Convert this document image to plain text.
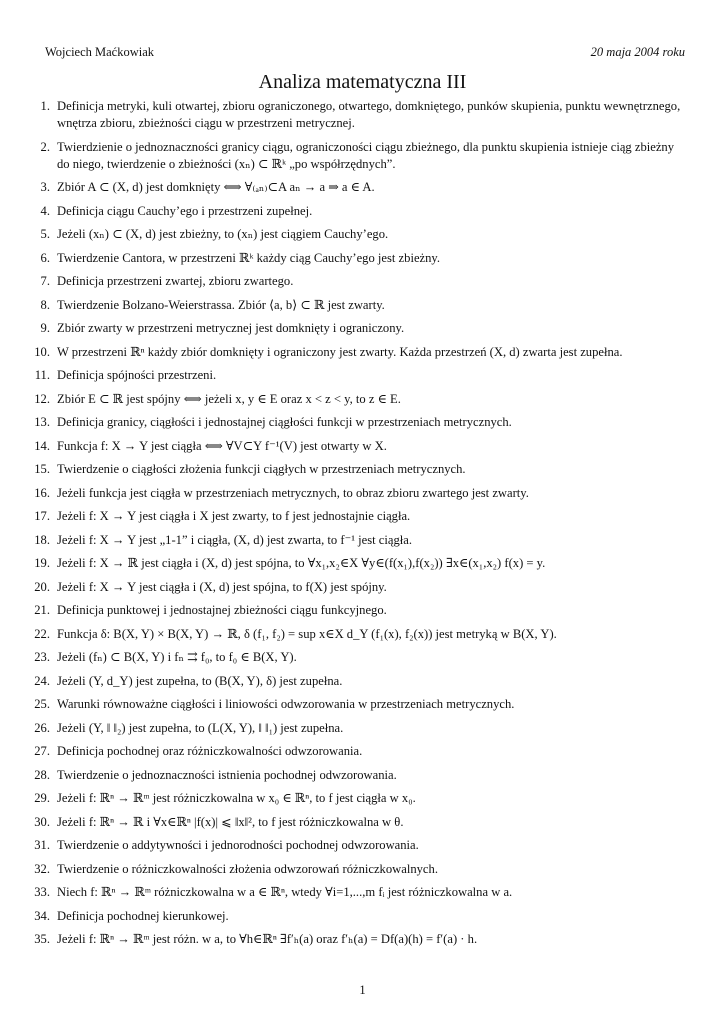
Wojciech Maćkowiak	20 maja 2004 roku
Analiza matematyczna III
1. Definicja metryki, kuli otwartej, zbioru ograniczonego, otwartego, domkniętego, punków skupienia, punktu wewnętrznego, wnętrza zbioru, zbieżności ciągu w przestrzeni metrycznej.
2. Twierdzienie o jednoznaczności granicy ciągu, ograniczoności ciągu zbieżnego, dla punktu skupienia istnieje ciąg zbieżny do niego, twierdzenie o zbieżności (xₙ) ⊂ ℝᵏ „po współrzędnych”.
3. Zbiór A ⊂ (X, d) jest domknięty ⟺ ∀₍ₐₙ₎⊂A aₙ → a ⇒ a ∈ A.
4. Definicja ciągu Cauchy’ego i przestrzeni zupełnej.
5. Jeżeli (xₙ) ⊂ (X, d) jest zbieżny, to (xₙ) jest ciągiem Cauchy’ego.
6. Twierdzenie Cantora, w przestrzeni ℝᵏ każdy ciąg Cauchy’ego jest zbieżny.
7. Definicja przestrzeni zwartej, zbioru zwartego.
8. Twierdzenie Bolzano-Weierstrassa. Zbiór ⟨a, b⟩ ⊂ ℝ jest zwarty.
9. Zbiór zwarty w przestrzeni metrycznej jest domknięty i ograniczony.
10. W przestrzeni ℝⁿ każdy zbiór domknięty i ograniczony jest zwarty. Każda przestrzeń (X, d) zwarta jest zupełna.
11. Definicja spójności przestrzeni.
12. Zbiór E ⊂ ℝ jest spójny ⟺ jeżeli x, y ∈ E oraz x < z < y, to z ∈ E.
13. Definicja granicy, ciągłości i jednostajnej ciągłości funkcji w przestrzeniach metrycznych.
14. Funkcja f: X → Y jest ciągła ⟺ ∀V⊂Y f⁻¹(V) jest otwarty w X.
15. Twierdzenie o ciągłości złożenia funkcji ciągłych w przestrzeniach metrycznych.
16. Jeżeli funkcja jest ciągła w przestrzeniach metrycznych, to obraz zbioru zwartego jest zwarty.
17. Jeżeli f: X → Y jest ciągła i X jest zwarty, to f jest jednostajnie ciągła.
18. Jeżeli f: X → Y jest „1-1” i ciągła, (X, d) jest zwarta, to f⁻¹ jest ciągła.
19. Jeżeli f: X → ℝ jest ciągła i (X, d) jest spójna, to ∀x₁,x₂∈X ∀y∈(f(x₁),f(x₂)) ∃x∈(x₁,x₂) f(x) = y.
20. Jeżeli f: X → Y jest ciągła i (X, d) jest spójna, to f(X) jest spójny.
21. Definicja punktowej i jednostajnej zbieżności ciągu funkcyjnego.
22. Funkcja δ: B(X, Y) × B(X, Y) → ℝ, δ (f₁, f₂) = sup x∈X d_Y (f₁(x), f₂(x)) jest metryką w B(X, Y).
23. Jeżeli (fₙ) ⊂ B(X, Y) i fₙ ⇉ f₀, to f₀ ∈ B(X, Y).
24. Jeżeli (Y, d_Y) jest zupełna, to (B(X, Y), δ) jest zupełna.
25. Warunki równoważne ciągłości i liniowości odwzorowania w przestrzeniach metrycznych.
26. Jeżeli (Y, ‖ ‖₂) jest zupełna, to (L(X, Y), ‖ ‖₁) jest zupełna.
27. Definicja pochodnej oraz różniczkowalności odwzorowania.
28. Twierdzenie o jednoznaczności istnienia pochodnej odwzorowania.
29. Jeżeli f: ℝⁿ → ℝᵐ jest różniczkowalna w x₀ ∈ ℝⁿ, to f jest ciągła w x₀.
30. Jeżeli f: ℝⁿ → ℝ i ∀x∈ℝⁿ |f(x)| ⩽ ‖x‖², to f jest różniczkowalna w θ.
31. Twierdzenie o addytywności i jednorodności pochodnej odwzorowania.
32. Twierdzenie o różniczkowalności złożenia odwzorowań różniczkowalnych.
33. Niech f: ℝⁿ → ℝᵐ różniczkowalna w a ∈ ℝⁿ, wtedy ∀i=1,...,m fᵢ jest różniczkowalna w a.
34. Definicja pochodnej kierunkowej.
35. Jeżeli f: ℝⁿ → ℝᵐ jest różn. w a, to ∀h∈ℝⁿ ∃f′ₕ(a) oraz f′ₕ(a) = Df(a)(h) = f′(a) · h.
1
